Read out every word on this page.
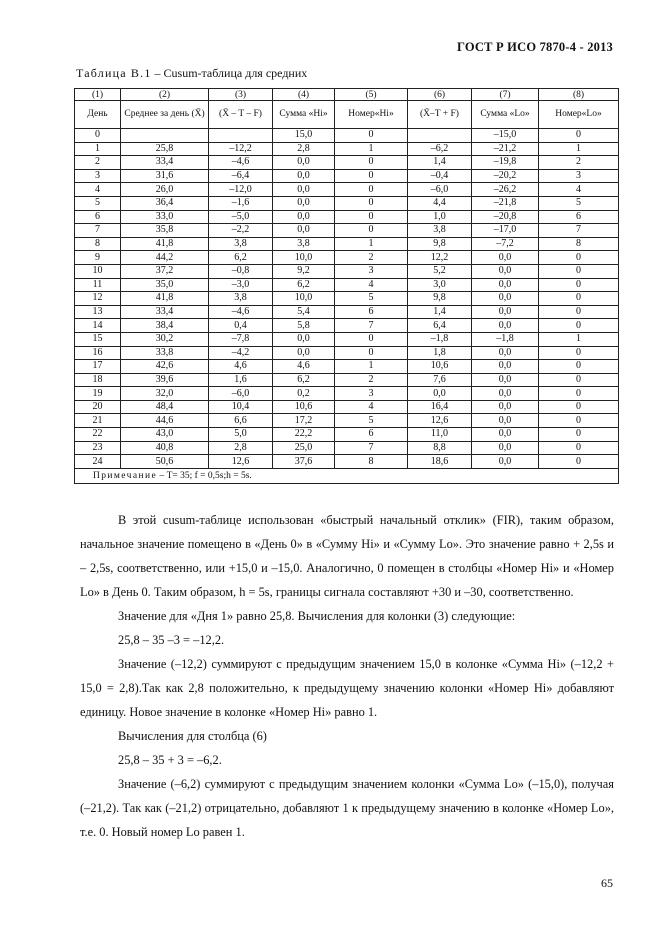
ГОСТ Р ИСО 7870-4 - 2013
Таблица В.1 – Cusum-таблица для средних
(1)	(2)	(3)	(4)	(5)	(6)	(7)	(8)
День	Среднее за день (X̄)	(X̄ – T – F)	Сумма «Hi»	Номер«Hi»	(X̄–T + F)	Сумма «Lo»	Номер«Lo»
0			15,0	0		–15,0	0
1	25,8	–12,2	2,8	1	–6,2	–21,2	1
2	33,4	–4,6	0,0	0	1,4	–19,8	2
3	31,6	–6,4	0,0	0	–0,4	–20,2	3
4	26,0	–12,0	0,0	0	–6,0	–26,2	4
5	36,4	–1,6	0,0	0	4,4	–21,8	5
6	33,0	–5,0	0,0	0	1,0	–20,8	6
7	35,8	–2,2	0,0	0	3,8	–17,0	7
8	41,8	3,8	3,8	1	9,8	–7,2	8
9	44,2	6,2	10,0	2	12,2	0,0	0
10	37,2	–0,8	9,2	3	5,2	0,0	0
11	35,0	–3,0	6,2	4	3,0	0,0	0
12	41,8	3,8	10,0	5	9,8	0,0	0
13	33,4	–4,6	5,4	6	1,4	0,0	0
14	38,4	0,4	5,8	7	6,4	0,0	0
15	30,2	–7,8	0,0	0	–1,8	–1,8	1
16	33,8	–4,2	0,0	0	1,8	0,0	0
17	42,6	4,6	4,6	1	10,6	0,0	0
18	39,6	1,6	6,2	2	7,6	0,0	0
19	32,0	–6,0	0,2	3	0,0	0,0	0
20	48,4	10,4	10,6	4	16,4	0,0	0
21	44,6	6,6	17,2	5	12,6	0,0	0
22	43,0	5,0	22,2	6	11,0	0,0	0
23	40,8	2,8	25,0	7	8,8	0,0	0
24	50,6	12,6	37,6	8	18,6	0,0	0
Примечание – T= 35; f = 0,5s;h = 5s.							

В этой cusum-таблице использован «быстрый начальный отклик» (FIR), таким образом, начальное значение помещено в «День 0» в «Сумму Hi» и «Сумму Lo». Это значение равно + 2,5s и – 2,5s, соответственно, или +15,0 и –15,0. Аналогично, 0 помещен в столбцы «Номер Hi» и «Номер Lo» в День 0. Таким образом, h = 5s, границы сигнала составляют +30 и –30, соответственно.

Значение для «Дня 1» равно 25,8. Вычисления для колонки (3) следующие:

25,8 – 35 –3 = –12,2.

Значение (–12,2) суммируют с предыдущим значением 15,0 в колонке «Сумма Hi» (–12,2 + 15,0 = 2,8).Так как 2,8 положительно, к предыдущему значению колонки «Номер Hi» добавляют единицу. Новое значение в колонке «Номер Hi» равно 1.

Вычисления для столбца (6)

25,8 – 35 + 3 = –6,2.

Значение (–6,2) суммируют с предыдущим значением колонки «Сумма Lo» (–15,0), получая (–21,2). Так как (–21,2) отрицательно, добавляют 1 к предыдущему значению в колонке «Номер Lo», т.е. 0. Новый номер Lo равен 1.

65
